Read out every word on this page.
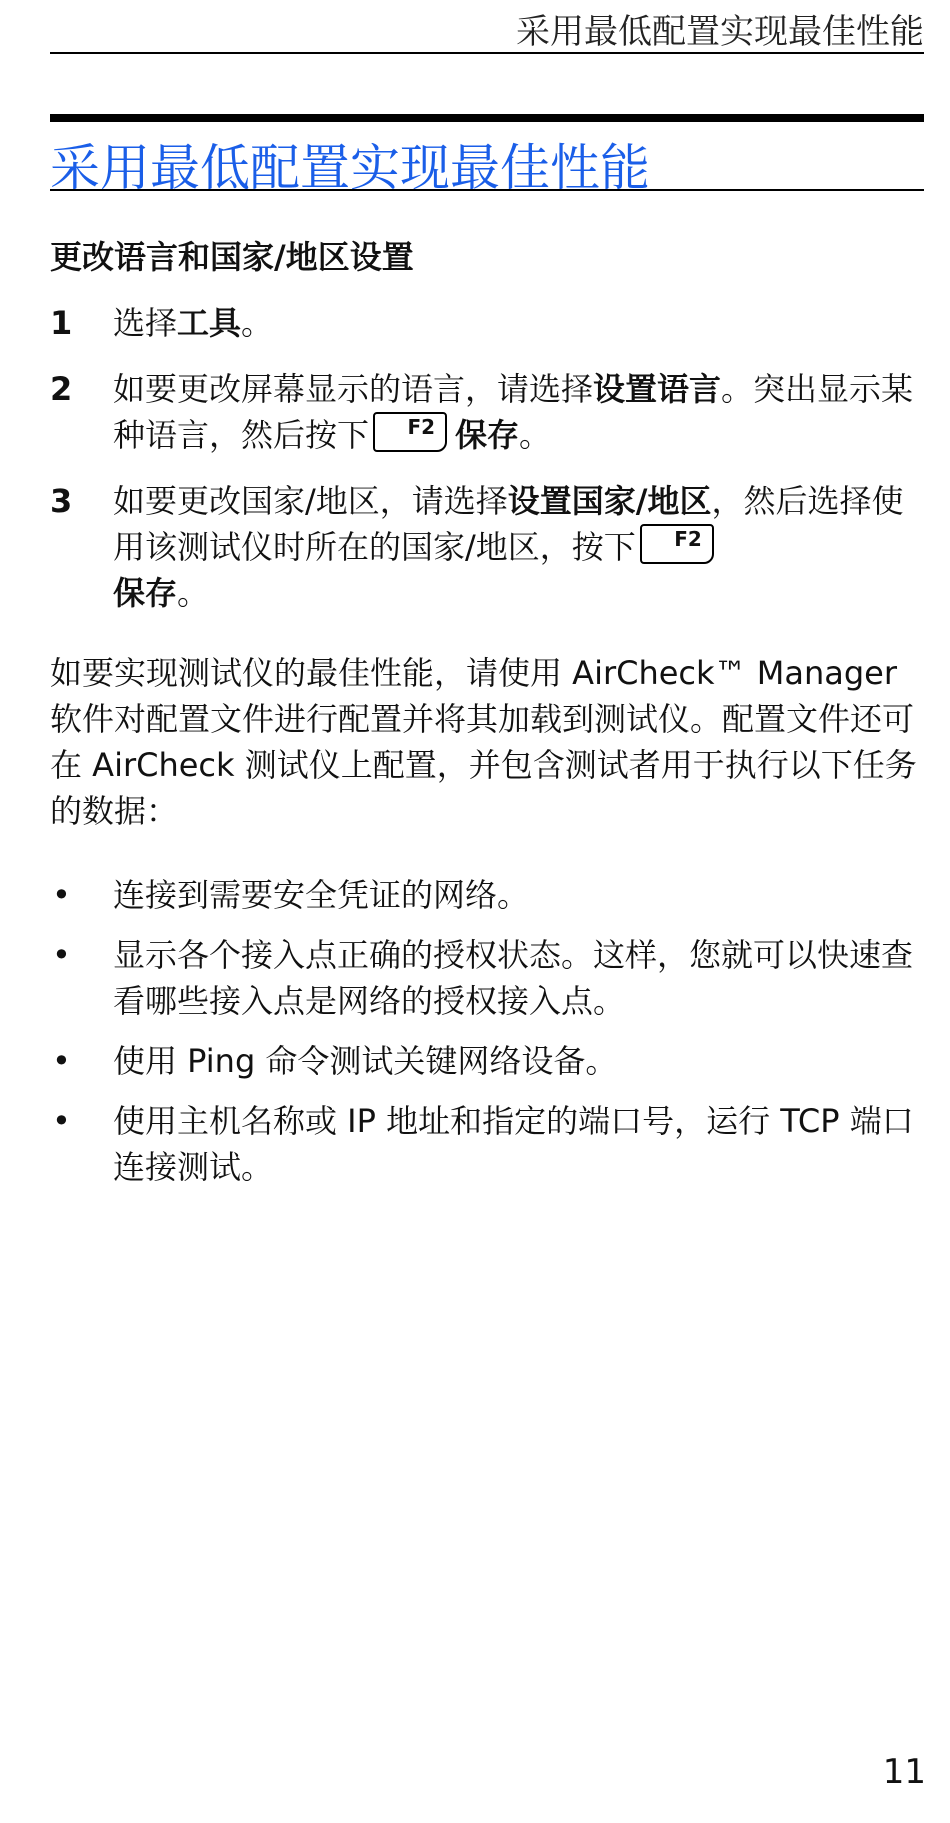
采用最低配置实现最佳性能
采用最低配置实现最佳性能
更改语言和国家/地区设置
1 选择工具。
2 如要更改屏幕显示的语言，请选择设置语言。突出显示某种语言，然后按下 F2 保存。
3 如要更改国家/地区，请选择设置国家/地区，然后选择使用该测试仪时所在的国家/地区，按下 F2

保存。

如要实现测试仪的最佳性能，请使用 AirCheck™ Manager 软件对配置文件进行配置并将其加载到测试仪。配置文件还可在 AirCheck 测试仪上配置，并包含测试者用于执行以下任务的数据：

• 连接到需要安全凭证的网络。
• 显示各个接入点正确的授权状态。这样，您就可以快速查看哪些接入点是网络的授权接入点。
• 使用 Ping 命令测试关键网络设备。
• 使用主机名称或 IP 地址和指定的端口号，运行 TCP 端口连接测试。
11
